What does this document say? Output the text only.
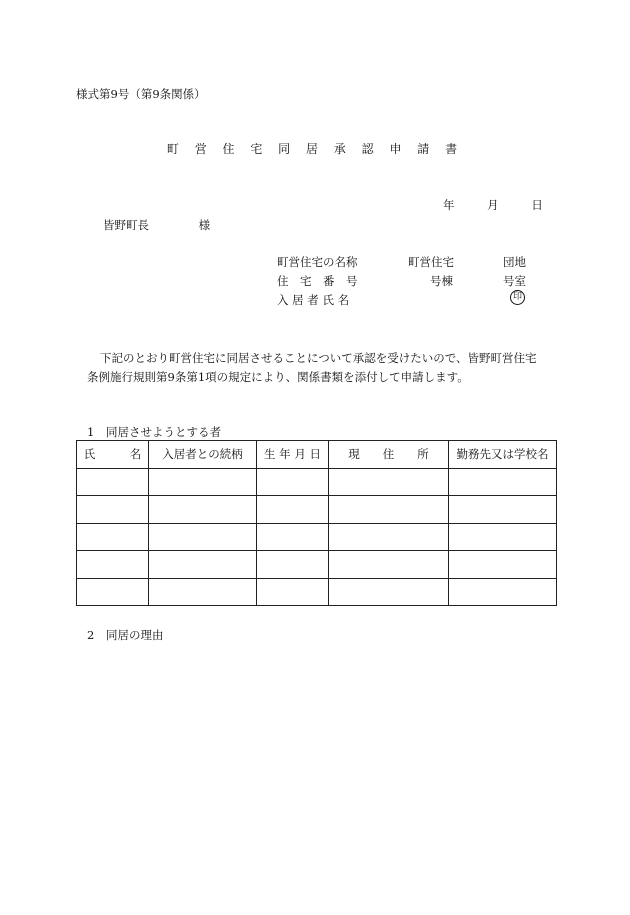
様式第9号（第9条関係）
町 営 住 宅 同 居 承 認 申 請 書
年	月	日
皆野町長	様
町営住宅の名称	町営住宅	団地
住　宅　番　号	号棟	号室
入 居 者 氏 名	印

下記のとおり町営住宅に同居させることについて承認を受けたいので、皆野町営住宅

条例施行規則第9条第1項の規定により、関係書類を添付して申請します。

1 同居させようとする者
氏　　　名	入居者との続柄	生 年 月 日	現　　住　　所	勤務先又は学校名

2 同居の理由
